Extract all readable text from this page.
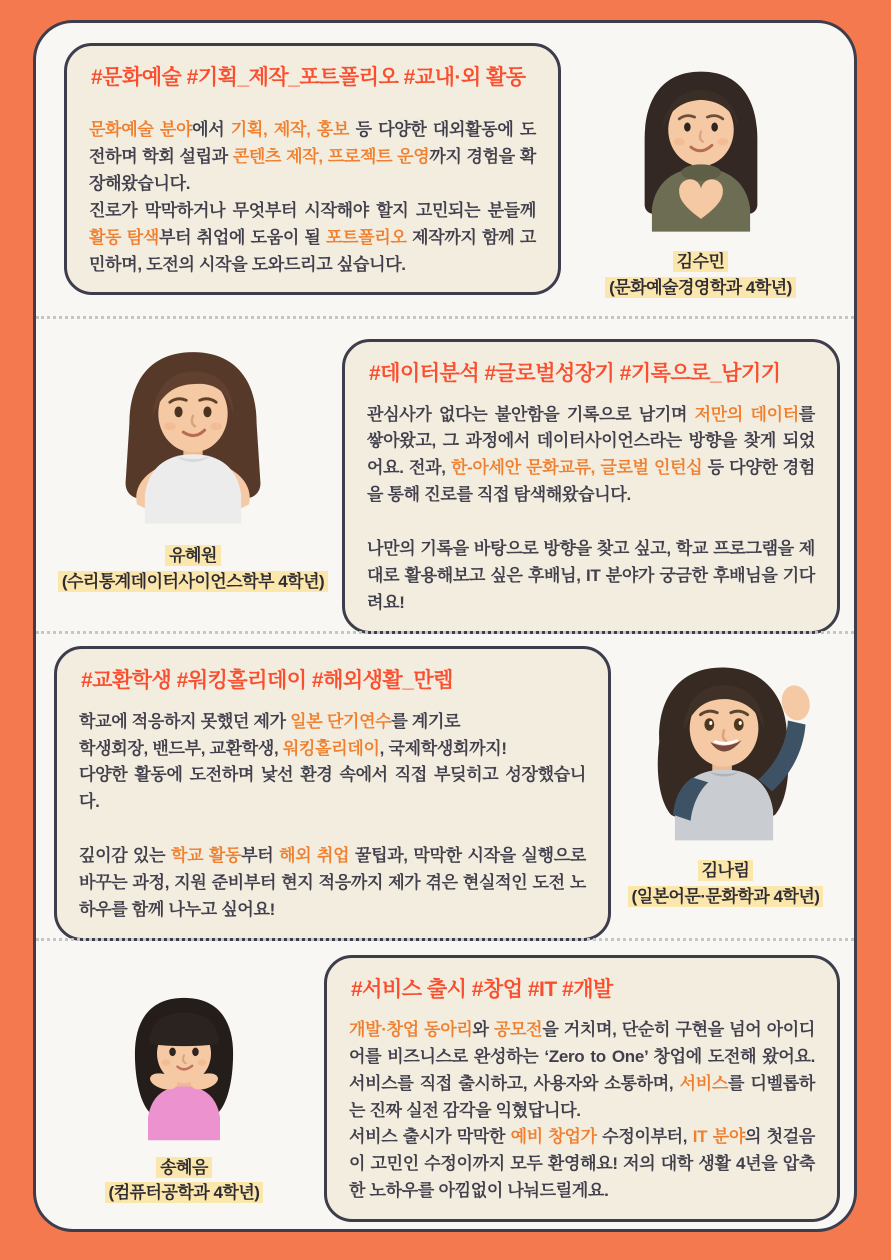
#문화예술 #기획_제작_포트폴리오 #교내·외 활동

문화예술 분야에서 기획, 제작, 홍보 등 다양한 대외활동에 도전하며 학회 설립과 콘텐츠 제작, 프로젝트 운영까지 경험을 확장해왔습니다.

진로가 막막하거나 무엇부터 시작해야 할지 고민되는 분들께 활동 탐색부터 취업에 도움이 될 포트폴리오 제작까지 함께 고민하며, 도전의 시작을 도와드리고 싶습니다.	김수민
(문화예술경영학과 4학년)
유혜원
(수리통계데이터사이언스학부 4학년)
#데이터분석 #글로벌성장기 #기록으로_남기기

관심사가 없다는 불안함을 기록으로 남기며 저만의 데이터를 쌓아왔고, 그 과정에서 데이터사이언스라는 방향을 찾게 되었어요. 전과, 한-아세안 문화교류, 글로벌 인턴십 등 다양한 경험을 통해 진로를 직접 탐색해왔습니다.

나만의 기록을 바탕으로 방향을 찾고 싶고, 학교 프로그램을 제대로 활용해보고 싶은 후배님, IT 분야가 궁금한 후배님을 기다려요!

#교환학생 #워킹홀리데이 #해외생활_만렙

학교에 적응하지 못했던 제가 일본 단기연수를 계기로
학생회장, 밴드부, 교환학생, 워킹홀리데이, 국제학생회까지!
다양한 활동에 도전하며 낯선 환경 속에서 직접 부딪히고 성장했습니다.

깊이감 있는 학교 활동부터 해외 취업 꿀팁과, 막막한 시작을 실행으로 바꾸는 과정, 지원 준비부터 현지 적응까지 제가 겪은 현실적인 도전 노하우를 함께 나누고 싶어요!

김나림
(일본어문·문화학과 4학년)
송혜음
(컴퓨터공학과 4학년)
#서비스 출시 #창업 #IT #개발

개발·창업 동아리와 공모전을 거치며, 단순히 구현을 넘어 아이디어를 비즈니스로 완성하는 ‘Zero to One’ 창업에 도전해 왔어요. 서비스를 직접 출시하고, 사용자와 소통하며, 서비스를 디벨롭하는 진짜 실전 감각을 익혔답니다.

서비스 출시가 막막한 예비 창업가 수정이부터, IT 분야의 첫걸음이 고민인 수정이까지 모두 환영해요! 저의 대학 생활 4년을 압축한 노하우를 아낌없이 나눠드릴게요.
